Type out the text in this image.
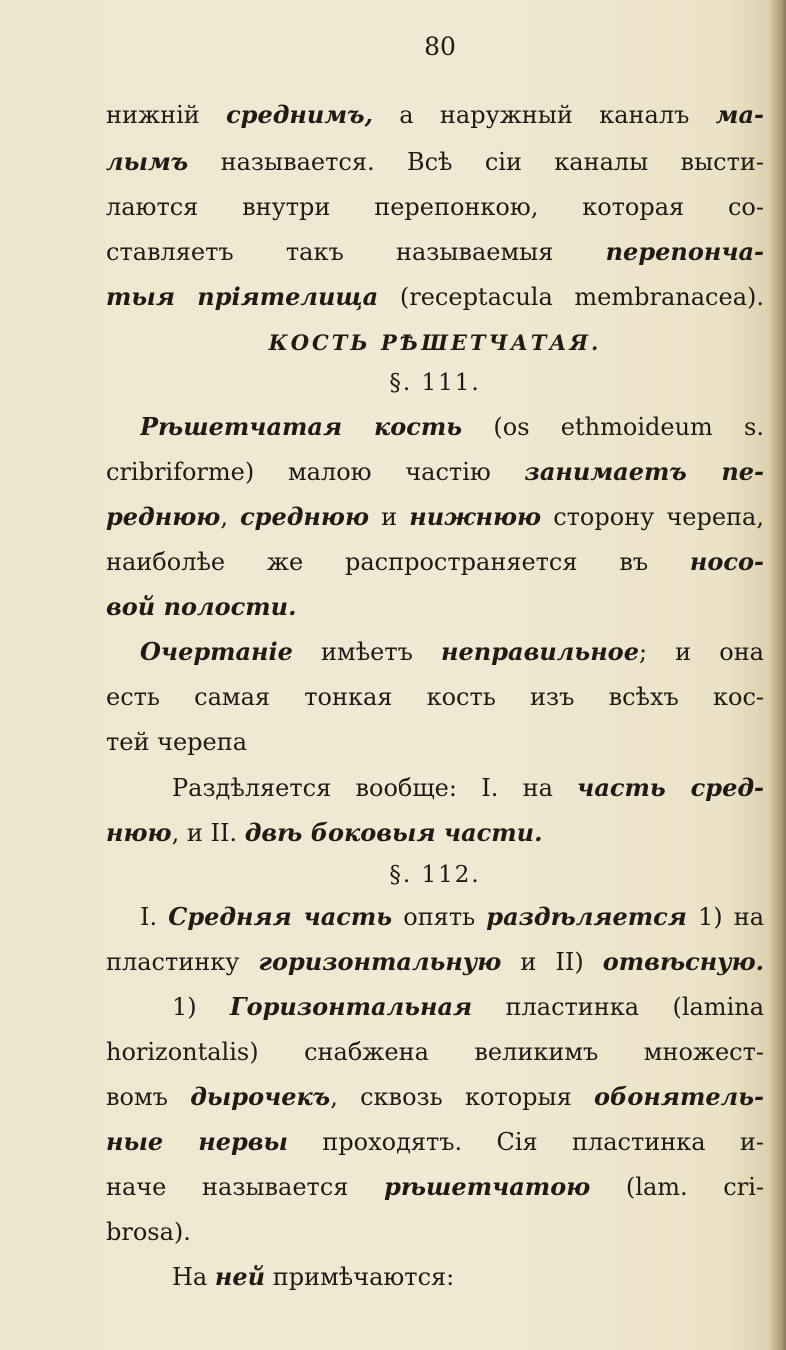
80
нижній среднимъ, а наружный каналъ ма-
лымъ называется. Всѣ сіи каналы высти-
лаются внутри перепонкою, которая со-
ставляетъ такъ называемыя перепонча-
тыя пріятелища (receptacula membranacea).
КОСТЬ РѢШЕТЧАТАЯ.
§. 111.
Рѣшетчатая кость (os ethmoideum s.
cribriforme) малою частію занимаетъ пе-
реднюю, среднюю и нижнюю сторону черепа,
наиболѣе же распространяется въ носо-
вой полости.
Очертаніе имѣетъ неправильное; и она
есть самая тонкая кость изъ всѣхъ кос-
тей черепа
Раздѣляется вообще: I. на часть сред-
нюю, и II. двѣ боковыя части.
§. 112.
I. Средняя часть опять раздѣляется 1) на
пластинку горизонтальную и II) отвѣсную.
1) Горизонтальная пластинка (lamina
horizontalis) снабжена великимъ множест-
вомъ дырочекъ, сквозь которыя обонятель-
ные нервы проходятъ. Сія пластинка и-
наче называется рѣшетчатою (lam. cri-
brosa).
На ней примѣчаются:
